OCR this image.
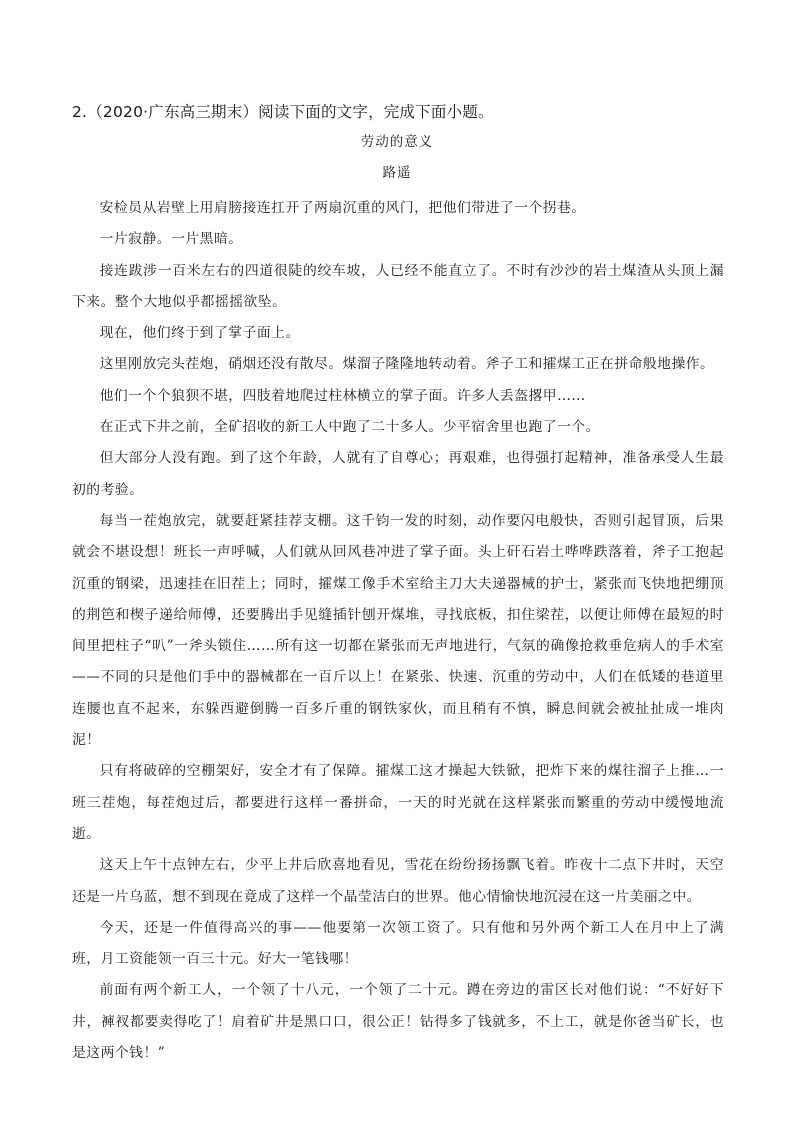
2.（2020·广东高三期末）阅读下面的文字，完成下面小题。
劳动的意义
路遥

安检员从岩壁上用肩膀接连扛开了两扇沉重的风门，把他们带进了一个拐巷。

一片寂静。一片黑暗。

接连跋涉一百米左右的四道很陡的绞车坡，人已经不能直立了。不时有沙沙的岩土煤渣从头顶上漏下来。整个大地似乎都摇摇欲坠。

现在，他们终于到了掌子面上。

这里刚放完头茬炮，硝烟还没有散尽。煤溜子隆隆地转动着。斧子工和攉煤工正在拼命般地操作。

他们一个个狼狈不堪，四肢着地爬过柱林横立的掌子面。许多人丢盔撂甲……

在正式下井之前，全矿招收的新工人中跑了二十多人。少平宿舍里也跑了一个。

但大部分人没有跑。到了这个年龄，人就有了自尊心；再艰难，也得强打起精神，准备承受人生最初的考验。

每当一茬炮放完，就要赶紧挂荐支棚。这千钧一发的时刻，动作要闪电般快，否则引起冒顶，后果就会不堪设想！班长一声呼喊，人们就从回风巷冲进了掌子面。头上矸石岩土哗哗跌落着，斧子工抱起沉重的钢梁，迅速挂在旧茬上；同时，攉煤工像手术室给主刀大夫递器械的护士，紧张而飞快地把绷顶的荆笆和楔子递给师傅，还要腾出手见缝插针刨开煤堆，寻找底板，扣住梁茬，以便让师傅在最短的时间里把柱子“叭”一斧头锁住……所有这一切都在紧张而无声地进行，气氛的确像抢救垂危病人的手术室——不同的只是他们手中的器械都在一百斤以上！在紧张、快速、沉重的劳动中，人们在低矮的巷道里连腰也直不起来，东躲西避倒腾一百多斤重的钢铁家伙，而且稍有不慎，瞬息间就会被扯扯成一堆肉泥！

只有将破碎的空棚架好，安全才有了保障。攉煤工这才操起大铁锨，把炸下来的煤往溜子上推…一班三茬炮，每茬炮过后，都要进行这样一番拼命，一天的时光就在这样紧张而繁重的劳动中缓慢地流逝。

这天上午十点钟左右，少平上井后欣喜地看见，雪花在纷纷扬扬飘飞着。昨夜十二点下井时，天空还是一片乌蓝，想不到现在竟成了这样一个晶莹洁白的世界。他心情愉快地沉浸在这一片美丽之中。

今天，还是一件值得高兴的事——他要第一次领工资了。只有他和另外两个新工人在月中上了满班，月工资能领一百三十元。好大一笔钱哪！

前面有两个新工人，一个领了十八元，一个领了二十元。蹲在旁边的雷区长对他们说：“不好好下井，褲衩都要卖得吃了！肩着矿井是黑口口，很公正！钻得多了钱就多，不上工，就是你爸当矿长，也是这两个钱！”
